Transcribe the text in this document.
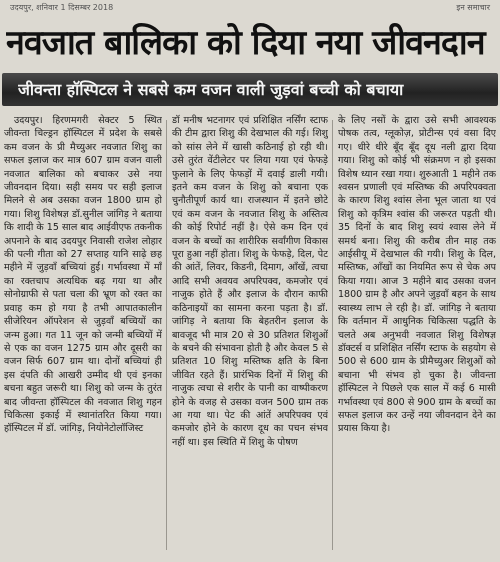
उदयपुर, शनिवार 1 दिसम्बर 2018	इन समाचार
नवजात बालिका को दिया नया जीवनदान
जीवन्ता हॉस्पिटल ने सबसे कम वजन वाली जुड़वां बच्ची को बचाया

उदयपुर। हिरणमगरी सेक्टर 5 स्थित जीवन्ता चिल्ड्रन हॉस्पिटल में प्रदेश के सबसे कम वजन के प्री मैच्युअर नवजात शिशु का सफल इलाज कर मात्र 607 ग्राम वजन वाली नवजात बालिका को बचाकर उसे नया जीवनदान दिया। सही समय पर सही इलाज मिलने से अब उसका वजन 1800 ग्राम हो गया। शिशु विशेषज्ञ डॉ.सुनील जांगिड़ ने बताया कि शादी के 15 साल बाद आईवीएफ तकनीक अपनाने के बाद उदयपुर निवासी राजेश लोहार की पत्नी गीता को 27 सप्ताह यानि साढ़े छह महीने में जुड़वाँ बच्चियां हुई। गर्भावस्था में माँ का रक्तचाप अत्यधिक बढ़ गया था और सोनोग्राफी से पता चला की भ्रूण को रक्त का प्रवाह कम हो गया है तभी आपातकालीन सीजेरियन ऑपरेशन से जुड़वाँ बच्चियों का जन्म हुआ। गत 11 जून को जन्मी बच्चियों में से एक का वजन 1275 ग्राम और दूसरी का वजन सिर्फ 607 ग्राम था। दोनों बच्चियां ही इस दंपति की आखरी उम्मीद थी एवं इनका बचना बहुत जरूरी था। शिशु को जन्म के तुरंत बाद जीवन्ता हॉस्पिटल की नवजात शिशु गहन चिकित्सा इकाई में स्थानांतरित किया गया। हॉस्पिटल में डॉ. जांगिड़, नियोनेटोलॉजिस्ट

डॉ मनीष भटनागर एवं प्रशिक्षित नर्सिंग स्टाफ की टीम द्वारा शिशु की देखभाल की गई। शिशु को सांस लेने में खासी कठिनाई हो रही थी। उसे तुरंत वेंटीलेटर पर लिया गया एवं फेफड़े फुलाने के लिए फेफड़ों में दवाई डाली गयी। इतने कम वजन के शिशु को बचाना एक चुनौतीपूर्ण कार्य था। राजस्थान में इतने छोटे एवं कम वजन के नवजात शिशु के अस्तित्व की कोई रिपोर्ट नहीं है। ऐसे कम दिन एवं वजन के बच्चों का शारीरिक सर्वांगीण विकास पूरा हुआ नहीं होता। शिशु के फेफड़े, दिल, पेट की आंतें, लिवर, किडनी, दिमाग, आँखें, त्वचा आदि सभी अवयव अपरिपक्व, कमजोर एवं नाजुक होते हैं और इलाज के दौरान काफी कठिनाइयों का सामना करना पड़ता है। डॉ. जांगिड़ ने बताया कि बेहतरीन इलाज के बावजूद भी मात्र 20 से 30 प्रतिशत शिशुओं के बचने की संभावना होती है और केवल 5 से प्रतिशत 10 शिशु मस्तिष्क क्षति के बिना जीवित रहते हैं। प्रारंभिक दिनों में शिशु की नाजुक त्वचा से शरीर के पानी का वाष्पीकरण होने के वजह से उसका वजन 500 ग्राम तक आ गया था। पेट की आंतें अपरिपक्व एवं कमजोर होने के कारण दूध का पचन संभव नहीं था। इस स्थिति में शिशु के पोषण

के लिए नसों के द्वारा उसे सभी आवश्यक पोषक तत्व, ग्लूकोज़, प्रोटीन्स एवं वसा दिए गए। धीरे धीरे बूँद बूँद दूध नली द्वारा दिया गया। शिशु को कोई भी संक्रमण न हो इसका विशेष ध्यान रखा गया। शुरुआती 1 महीने तक श्वसन प्रणाली एवं मस्तिष्क की अपरिपक्वता के कारण शिशु श्वांस लेना भूल जाता था एवं शिशु को कृत्रिम श्वांस की जरूरत पड़ती थी। 35 दिनों के बाद शिशु स्वयं श्वास लेने में समर्थ बना। शिशु की करीब तीन माह तक आईसीयू में देखभाल की गयी। शिशु के दिल, मस्तिष्क, आँखों का नियमित रूप से चेक अप किया गया। आज 3 महीने बाद उसका वजन 1800 ग्राम है और अपने जुड़वाँ बहन के साथ स्वास्थ्य लाभ ले रही है। डॉ. जांगिड़ ने बताया कि वर्तमान में आधुनिक चिकित्सा पद्धति के चलते अब अनुभवी नवजात शिशु विशेषज्ञ डॉक्टर्स व प्रशिक्षित नर्सिंग स्टाफ के सहयोग से 500 से 600 ग्राम के प्रीमैच्युअर शिशुओं को बचाना भी संभव हो चुका है। जीवन्ता हॉस्पिटल ने पिछले एक साल में कई 6 मासी गर्भावस्था एवं 800 से 900 ग्राम के बच्चों का सफल इलाज कर उन्हें नया जीवनदान देने का प्रयास किया है।
